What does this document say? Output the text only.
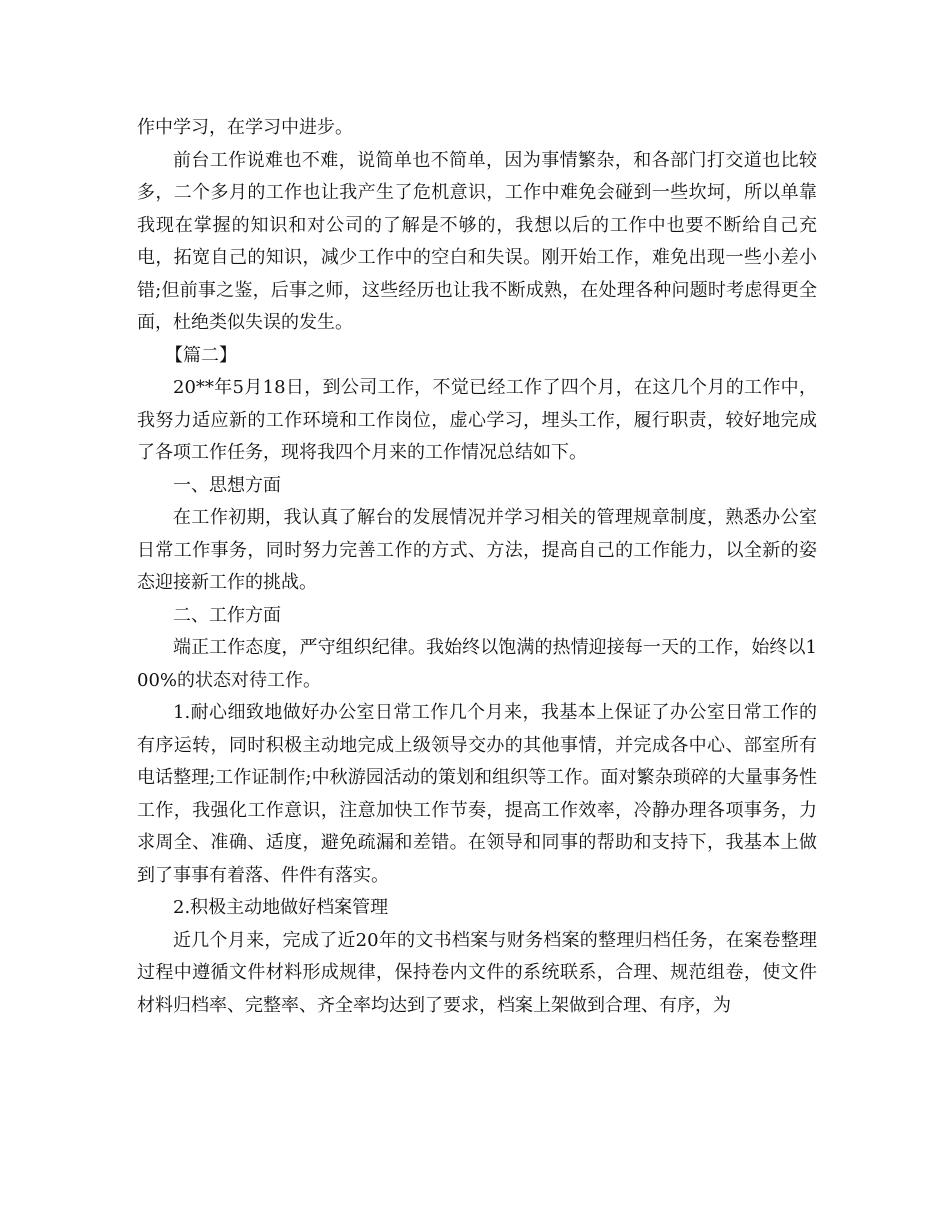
作中学习，在学习中进步。

前台工作说难也不难，说简单也不简单，因为事情繁杂，和各部门打交道也比较多，二个多月的工作也让我产生了危机意识，工作中难免会碰到一些坎坷，所以单靠我现在掌握的知识和对公司的了解是不够的，我想以后的工作中也要不断给自己充电，拓宽自己的知识，减少工作中的空白和失误。刚开始工作，难免出现一些小差小错;但前事之鉴，后事之师，这些经历也让我不断成熟，在处理各种问题时考虑得更全面，杜绝类似失误的发生。

【篇二】

20**年5月18日，到公司工作，不觉已经工作了四个月，在这几个月的工作中，我努力适应新的工作环境和工作岗位，虚心学习，埋头工作，履行职责，较好地完成了各项工作任务，现将我四个月来的工作情况总结如下。

一、思想方面

在工作初期，我认真了解台的发展情况并学习相关的管理规章制度，熟悉办公室日常工作事务，同时努力完善工作的方式、方法，提高自己的工作能力，以全新的姿态迎接新工作的挑战。

二、工作方面

端正工作态度，严守组织纪律。我始终以饱满的热情迎接每一天的工作，始终以100%的状态对待工作。

1.耐心细致地做好办公室日常工作几个月来，我基本上保证了办公室日常工作的有序运转，同时积极主动地完成上级领导交办的其他事情，并完成各中心、部室所有电话整理;工作证制作;中秋游园活动的策划和组织等工作。面对繁杂琐碎的大量事务性工作，我强化工作意识，注意加快工作节奏，提高工作效率，冷静办理各项事务，力求周全、准确、适度，避免疏漏和差错。在领导和同事的帮助和支持下，我基本上做到了事事有着落、件件有落实。

2.积极主动地做好档案管理

近几个月来，完成了近20年的文书档案与财务档案的整理归档任务，在案卷整理过程中遵循文件材料形成规律，保持卷内文件的系统联系，合理、规范组卷，使文件材料归档率、完整率、齐全率均达到了要求，档案上架做到合理、有序，为
